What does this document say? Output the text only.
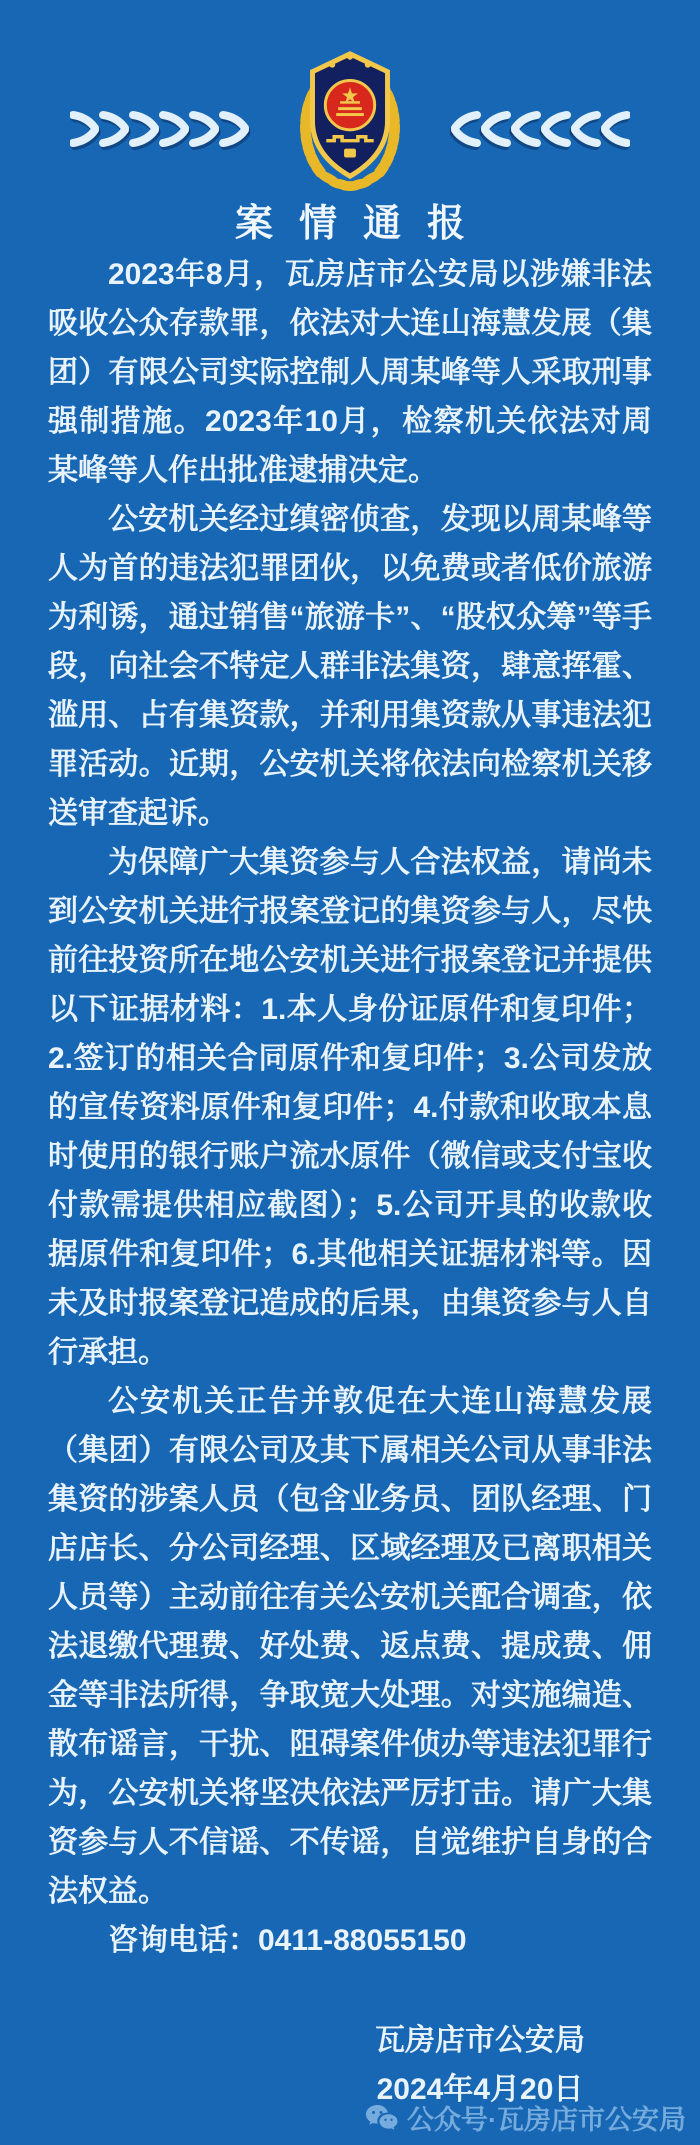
案情通报

2023年8月，瓦房店市公安局以涉嫌非法吸收公众存款罪，依法对大连山海慧发展（集团）有限公司实际控制人周某峰等人采取刑事强制措施。2023年10月，检察机关依法对周某峰等人作出批准逮捕决定。

公安机关经过缜密侦查，发现以周某峰等人为首的违法犯罪团伙，以免费或者低价旅游为利诱，通过销售“旅游卡”、“股权众筹”等手段，向社会不特定人群非法集资，肆意挥霍、滥用、占有集资款，并利用集资款从事违法犯罪活动。近期，公安机关将依法向检察机关移送审查起诉。

为保障广大集资参与人合法权益，请尚未到公安机关进行报案登记的集资参与人，尽快前往投资所在地公安机关进行报案登记并提供以下证据材料：1.本人身份证原件和复印件；2.签订的相关合同原件和复印件；3.公司发放的宣传资料原件和复印件；4.付款和收取本息时使用的银行账户流水原件（微信或支付宝收付款需提供相应截图）；5.公司开具的收款收据原件和复印件；6.其他相关证据材料等。因未及时报案登记造成的后果，由集资参与人自行承担。

公安机关正告并敦促在大连山海慧发展（集团）有限公司及其下属相关公司从事非法集资的涉案人员（包含业务员、团队经理、门店店长、分公司经理、区域经理及已离职相关人员等）主动前往有关公安机关配合调查，依法退缴代理费、好处费、返点费、提成费、佣金等非法所得，争取宽大处理。对实施编造、散布谣言，干扰、阻碍案件侦办等违法犯罪行为，公安机关将坚决依法严厉打击。请广大集资参与人不信谣、不传谣，自觉维护自身的合法权益。

咨询电话：0411-88055150

瓦房店市公安局
2024年4月20日
公众号·瓦房店市公安局
